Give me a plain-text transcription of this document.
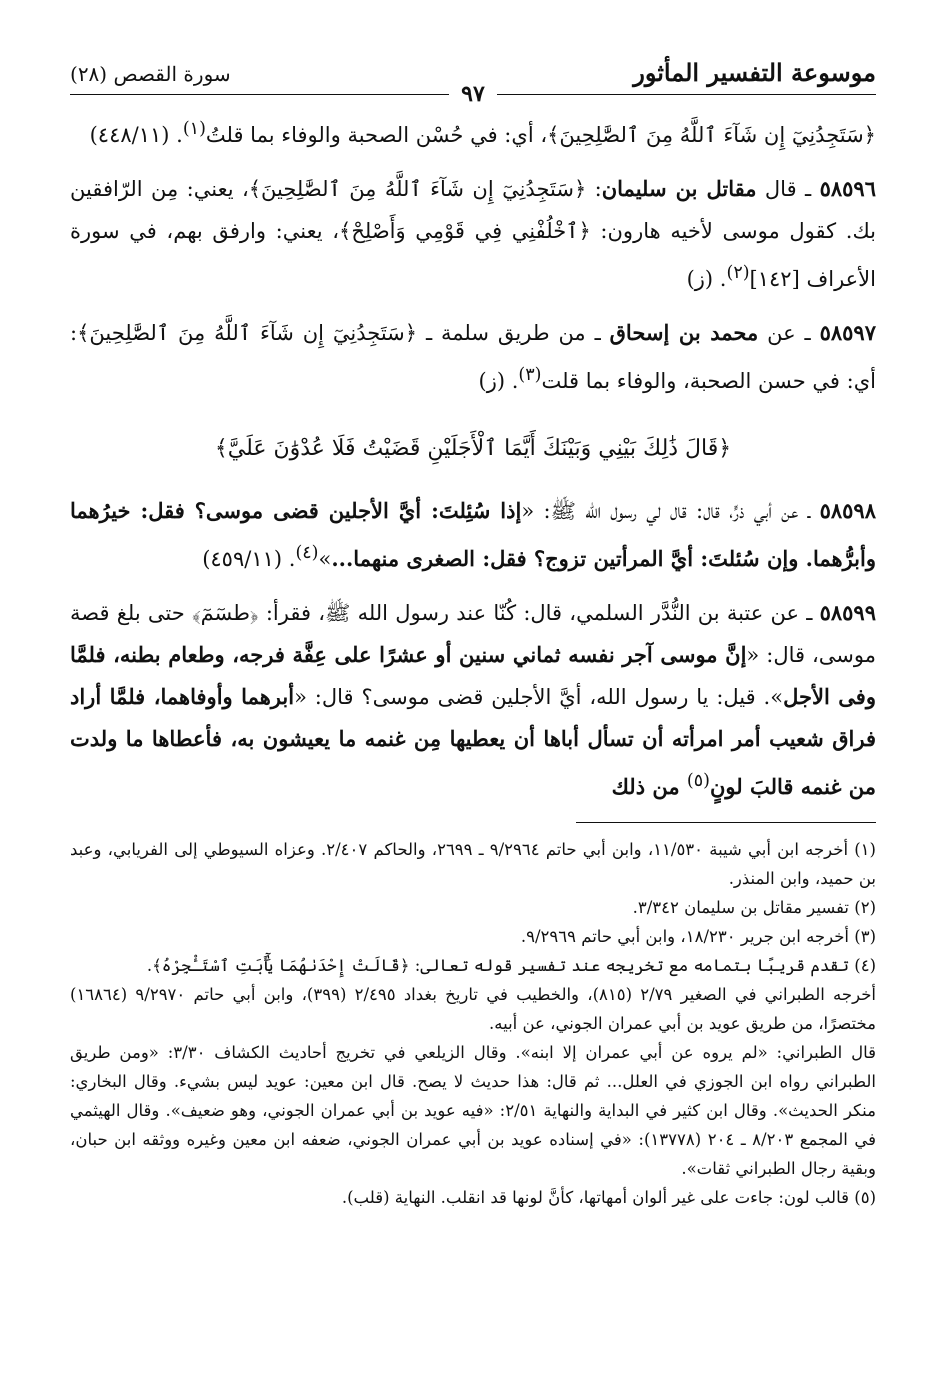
موسوعة التفسير المأثور
٩٧
سورة القصص (٢٨)

﴿سَتَجِدُنِيٓ إِن شَآءَ ٱللَّهُ مِنَ ٱلصَّٰلِحِينَ﴾، أي: في حُسْن الصحبة والوفاء بما قلتُ$^{(١)}$. (٤٤٨/١١)

٥٨٥٩٦ ـ قال مقاتل بن سليمان: ﴿سَتَجِدُنِيٓ إِن شَآءَ ٱللَّهُ مِنَ ٱلصَّٰلِحِينَ﴾، يعني: مِن الرّافقين بك. كقول موسى لأخيه هارون: ﴿ٱخْلُفْنِي فِي قَوْمِي وَأَصْلِحْ﴾، يعني: وارفق بهم، في سورة الأعراف [١٤٢]$^{(٢)}$. (ز)

٥٨٥٩٧ ـ عن محمد بن إسحاق ـ من طريق سلمة ـ ﴿سَتَجِدُنِيٓ إِن شَآءَ ٱللَّهُ مِنَ ٱلصَّٰلِحِينَ﴾: أي: في حسن الصحبة، والوفاء بما قلت$^{(٣)}$. (ز)

﴿قَالَ ذَٰلِكَ بَيْنِي وَبَيْنَكَ أَيَّمَا ٱلْأَجَلَيْنِ قَضَيْتُ فَلَا عُدْوَٰنَ عَلَيَّ﴾

٥٨٥٩٨ ـ عن أبي ذرٍّ، قال: قال لي رسول الله ﷺ: «إذا سُئِلتَ: أيَّ الأجلين قضى موسى؟ فقل: خيرُهما وأبرُّهما. وإن سُئلتَ: أيَّ المرأتين تزوج؟ فقل: الصغرى منهما...»$^{(٤)}$. (٤٥٩/١١)

٥٨٥٩٩ ـ عن عتبة بن النُّدَّر السلمي، قال: كُنّا عند رسول الله ﷺ، فقرأ: ﴿طسٓمٓ﴾ حتى بلغ قصة موسى، قال: «إنَّ موسى آجر نفسه ثماني سنين أو عشرًا على عِفَّة فرجه، وطعام بطنه، فلمَّا وفى الأجل». قيل: يا رسول الله، أيَّ الأجلين قضى موسى؟ قال: «أبرهما وأوفاهما، فلمَّا أراد فراق شعيب أمر امرأته أن تسأل أباها أن يعطيها مِن غنمه ما يعيشون به، فأعطاها ما ولدت من غنمه قالبَ لونٍ$^{(٥)}$ من ذلك

(١) أخرجه ابن أبي شيبة ١١/٥٣٠، وابن أبي حاتم ٩/٢٩٦٤ ـ ٢٦٩٩، والحاكم ٢/٤٠٧. وعزاه السيوطي إلى الفريابي، وعبد بن حميد، وابن المنذر.

(٢) تفسير مقاتل بن سليمان ٣/٣٤٢.

(٣) أخرجه ابن جرير ١٨/٢٣٠، وابن أبي حاتم ٩/٢٩٦٩.

(٤) تقدم قريبًا بتمامه مع تخريجه عند تفسير قوله تعالى: ﴿قَالَتْ إِحْدَىٰهُمَا يَٰٓأَبَتِ ٱسْتَـْٔجِرْهُ﴾.

أخرجه الطبراني في الصغير ٢/٧٩ (٨١٥)، والخطيب في تاريخ بغداد ٢/٤٩٥ (٣٩٩)، وابن أبي حاتم ٩/٢٩٧٠ (١٦٨٦٤) مختصرًا، من طريق عويد بن أبي عمران الجوني، عن أبيه.

قال الطبراني: «لم يروه عن أبي عمران إلا ابنه». وقال الزيلعي في تخريج أحاديث الكشاف ٣/٣٠: «ومن طريق الطبراني رواه ابن الجوزي في العلل... ثم قال: هذا حديث لا يصح. قال ابن معين: عويد ليس بشيء. وقال البخاري: منكر الحديث». وقال ابن كثير في البداية والنهاية ٢/٥١: «فيه عويد بن أبي عمران الجوني، وهو ضعيف». وقال الهيثمي في المجمع ٨/٢٠٣ ـ ٢٠٤ (١٣٧٧٨): «في إسناده عويد بن أبي عمران الجوني، ضعفه ابن معين وغيره ووثقه ابن حبان، وبقية رجال الطبراني ثقات».

(٥) قالب لون: جاءت على غير ألوان أمهاتها، كأنَّ لونها قد انقلب. النهاية (قلب).
